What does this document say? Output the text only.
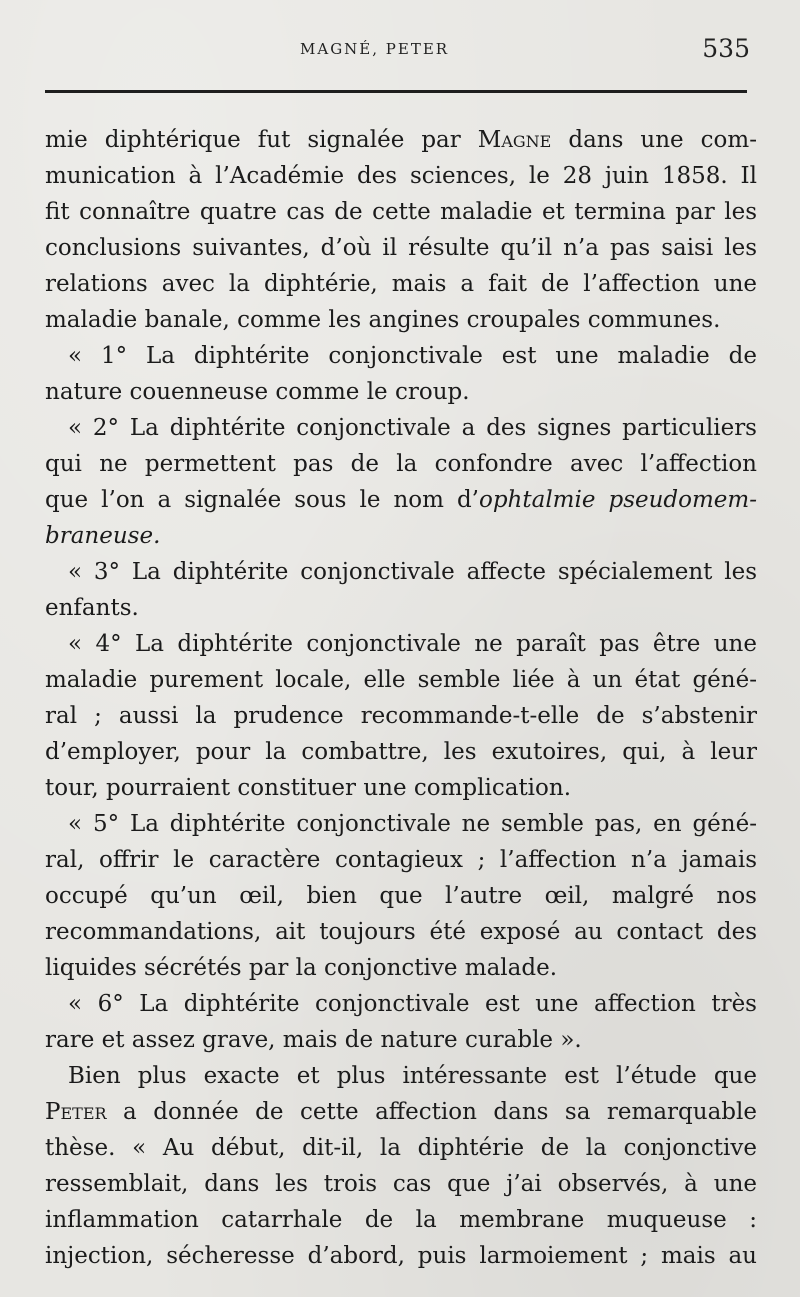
MAGNÉ, PETER	535
mie diphtérique fut signalée par Magne dans une com-
munication à l’Académie des sciences, le 28 juin 1858. Il
fit connaître quatre cas de cette maladie et termina par les
conclusions suivantes, d’où il résulte qu’il n’a pas saisi les
relations avec la diphtérie, mais a fait de l’affection une
maladie banale, comme les angines croupales communes.
« 1° La diphtérite conjonctivale est une maladie de
nature couenneuse comme le croup.
« 2° La diphtérite conjonctivale a des signes particuliers
qui ne permettent pas de la confondre avec l’affection
que l’on a signalée sous le nom d’ophtalmie pseudomem-
braneuse.
« 3° La diphtérite conjonctivale affecte spécialement les
enfants.
« 4° La diphtérite conjonctivale ne paraît pas être une
maladie purement locale, elle semble liée à un état géné-
ral ; aussi la prudence recommande-t-elle de s’abstenir
d’employer, pour la combattre, les exutoires, qui, à leur
tour, pourraient constituer une complication.
« 5° La diphtérite conjonctivale ne semble pas, en géné-
ral, offrir le caractère contagieux ; l’affection n’a jamais
occupé qu’un œil, bien que l’autre œil, malgré nos
recommandations, ait toujours été exposé au contact des
liquides sécrétés par la conjonctive malade.
« 6° La diphtérite conjonctivale est une affection très
rare et assez grave, mais de nature curable ».
Bien plus exacte et plus intéressante est l’étude que
Peter a donnée de cette affection dans sa remarquable
thèse. « Au début, dit-il, la diphtérie de la conjonctive
ressemblait, dans les trois cas que j’ai observés, à une
inflammation catarrhale de la membrane muqueuse :
injection, sécheresse d’abord, puis larmoiement ; mais au
